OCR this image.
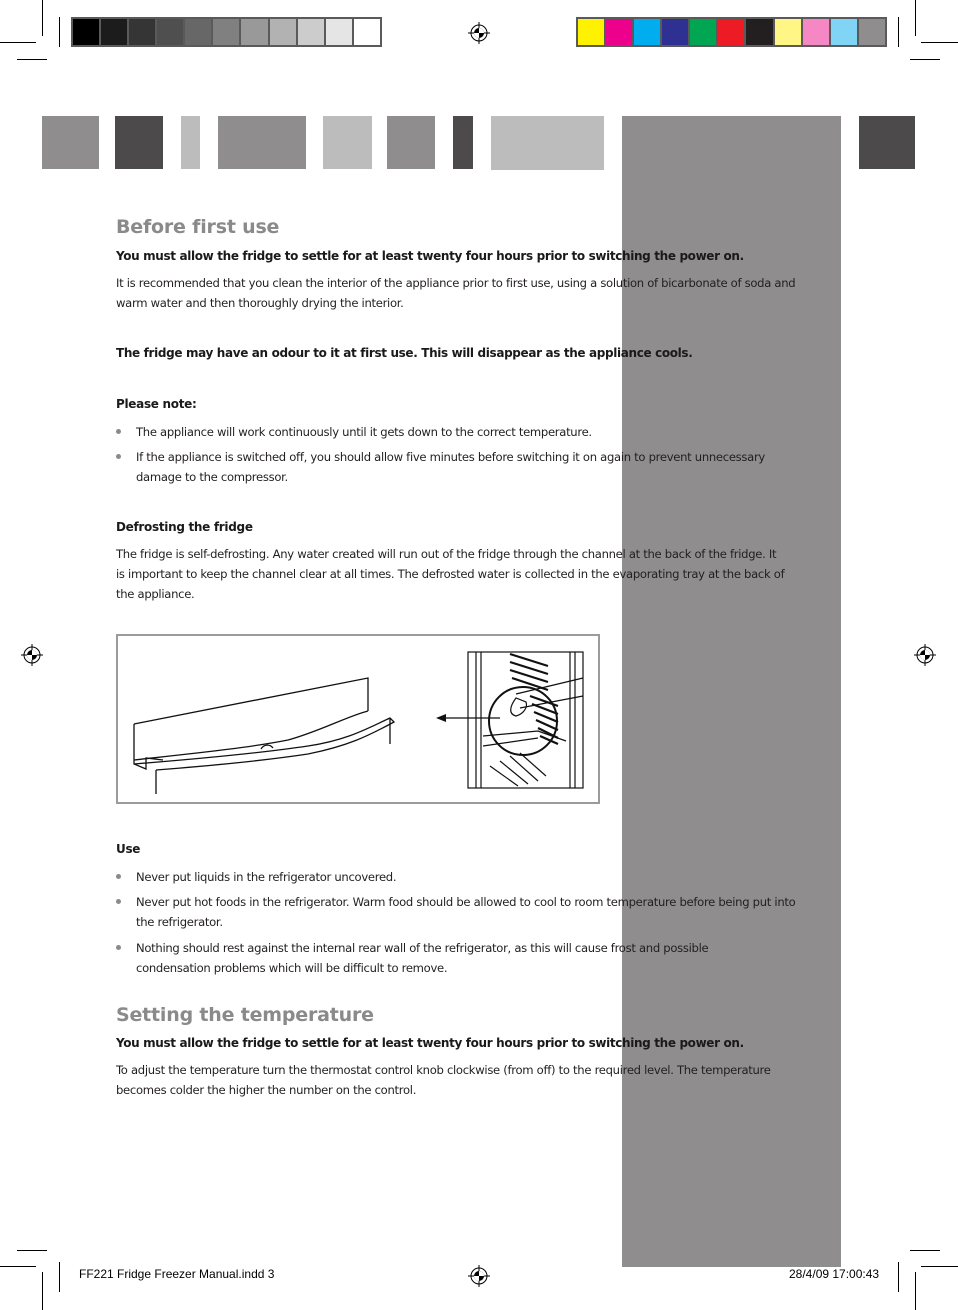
Before first use
You must allow the fridge to settle for at least twenty four hours prior to switching the power on.
It is recommended that you clean the interior of the appliance prior to first use, using a solution of bicarbonate of soda and warm water and then thoroughly drying the interior.
The fridge may have an odour to it at first use. This will disappear as the appliance cools.
Please note:
The appliance will work continuously until it gets down to the correct temperature.
If the appliance is switched off, you should allow five minutes before switching it on again to prevent unnecessary damage to the compressor.
Defrosting the fridge
The fridge is self-defrosting. Any water created will run out of the fridge through the channel at the back of the fridge. It is important to keep the channel clear at all times. The defrosted water is collected in the evaporating tray at the back of the appliance.
Use
Never put liquids in the refrigerator uncovered.
Never put hot foods in the refrigerator. Warm food should be allowed to cool to room temperature before being put into the refrigerator.
Nothing should rest against the internal rear wall of the refrigerator, as this will cause frost and possible condensation problems which will be difficult to remove.
Setting the temperature
You must allow the fridge to settle for at least twenty four hours prior to switching the power on.
To adjust the temperature turn the thermostat control knob clockwise (from off) to the required level. The temperature becomes colder the higher the number on the control.
FF221 Fridge Freezer Manual.indd 3	28/4/09 17:00:43
